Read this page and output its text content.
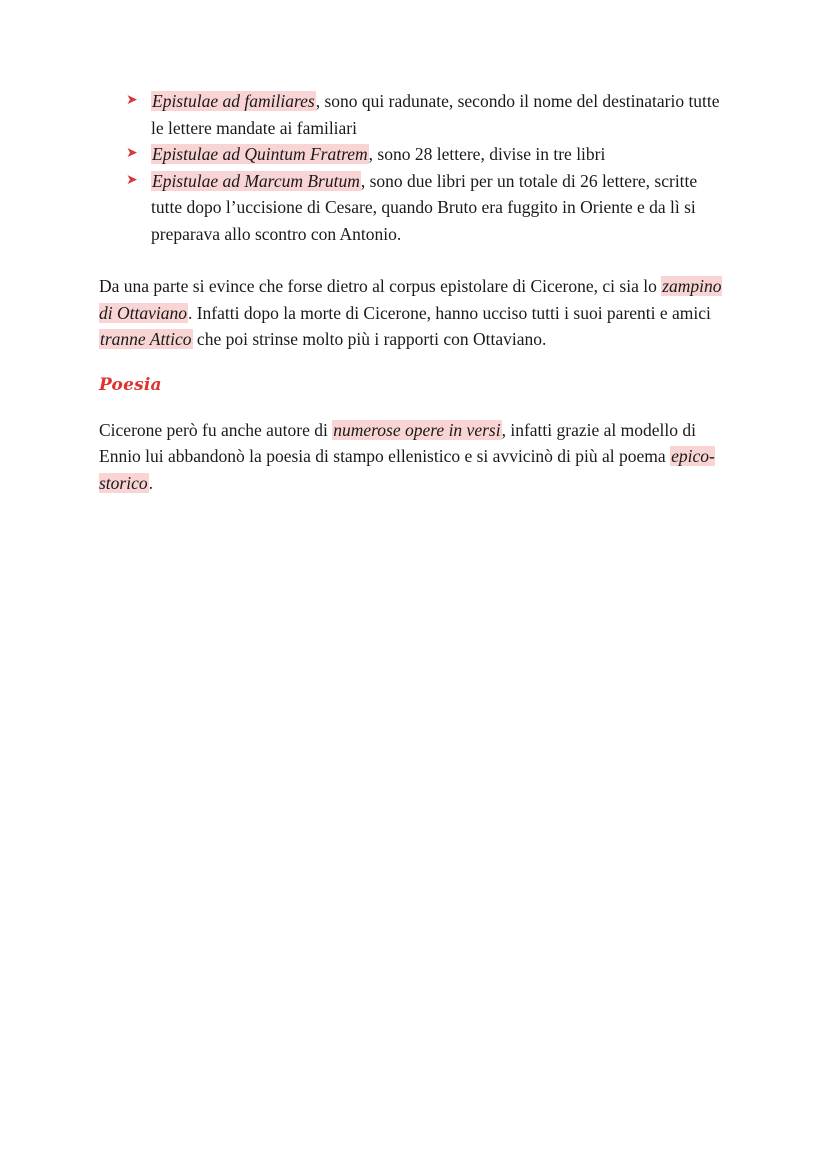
➤ Epistulae ad familiares, sono qui radunate, secondo il nome del destinatario tutte le lettere mandate ai familiari
➤ Epistulae ad Quintum Fratrem, sono 28 lettere, divise in tre libri
➤ Epistulae ad Marcum Brutum, sono due libri per un totale di 26 lettere, scritte tutte dopo l’uccisione di Cesare, quando Bruto era fuggito in Oriente e da lì si preparava allo scontro con Antonio.

Da una parte si evince che forse dietro al corpus epistolare di Cicerone, ci sia lo zampino di Ottaviano. Infatti dopo la morte di Cicerone, hanno ucciso tutti i suoi parenti e amici tranne Attico che poi strinse molto più i rapporti con Ottaviano.

Poesia

Cicerone però fu anche autore di numerose opere in versi, infatti grazie al modello di Ennio lui abbandonò la poesia di stampo ellenistico e si avvicinò di più al poema epico-storico.
